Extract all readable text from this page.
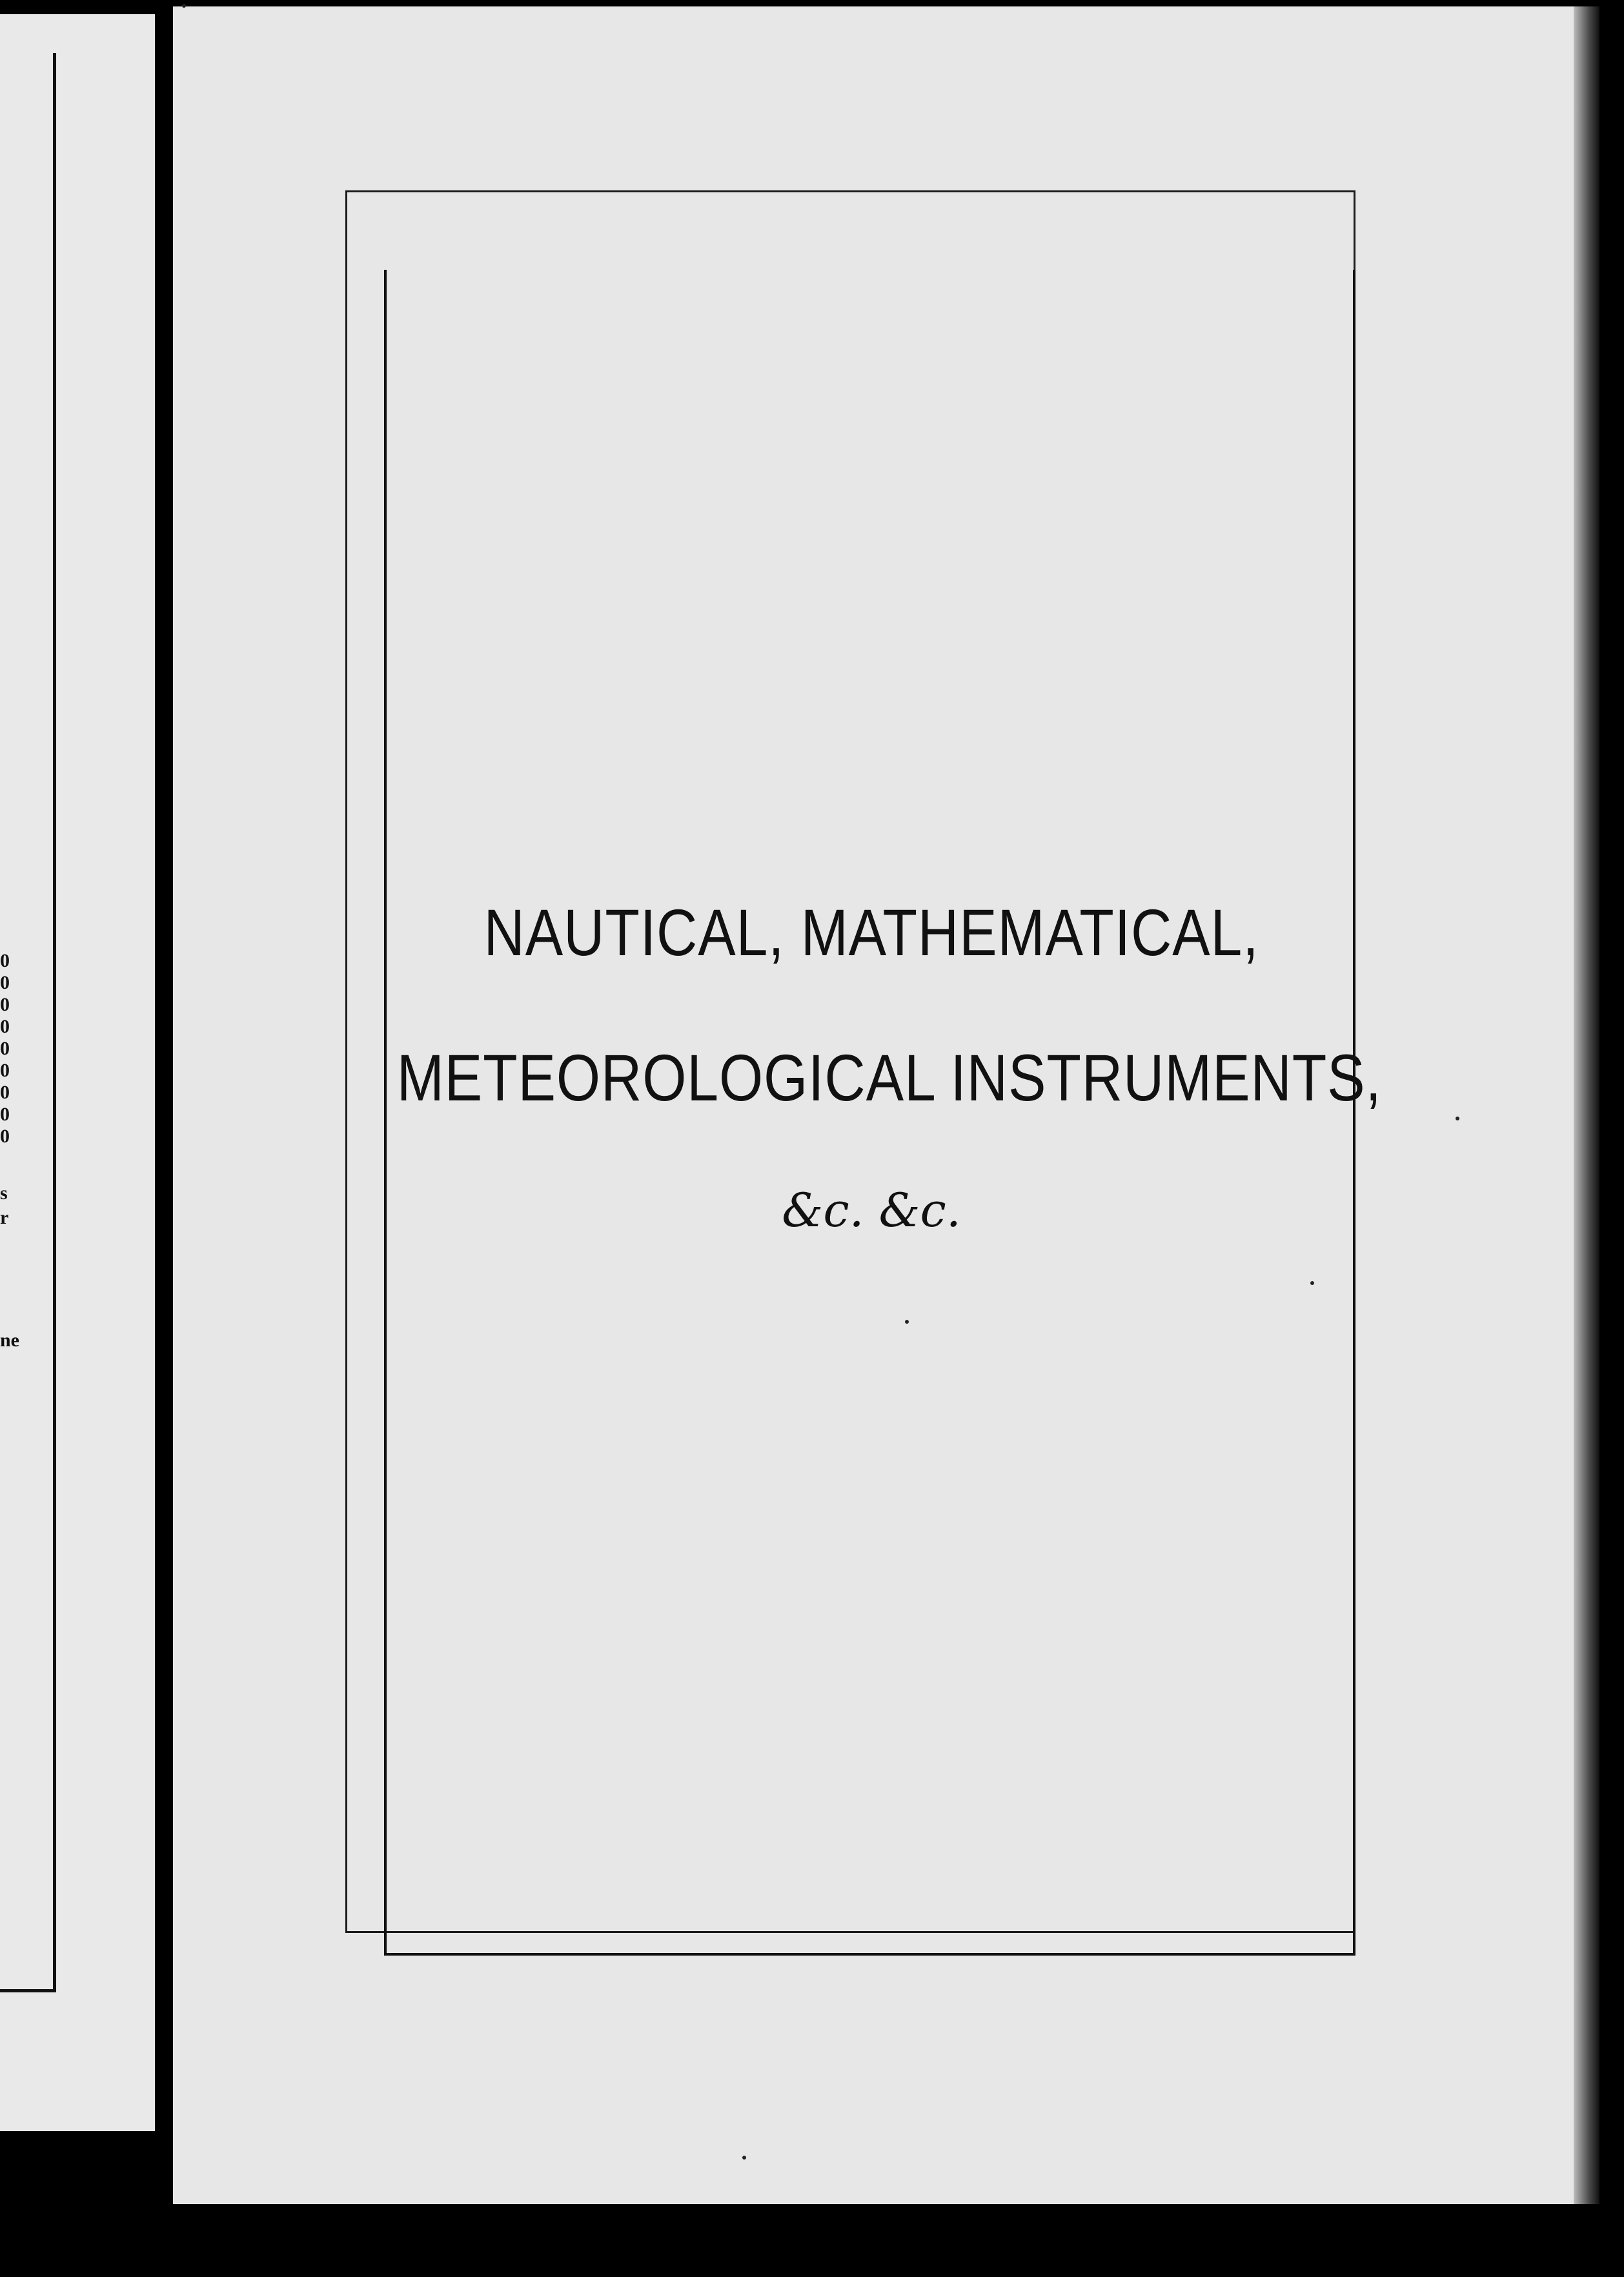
0
0
0
0
0
0
0
0
0
s
r
ne
NAUTICAL, MATHEMATICAL,
METEOROLOGICAL INSTRUMENTS,
&c. &c.
